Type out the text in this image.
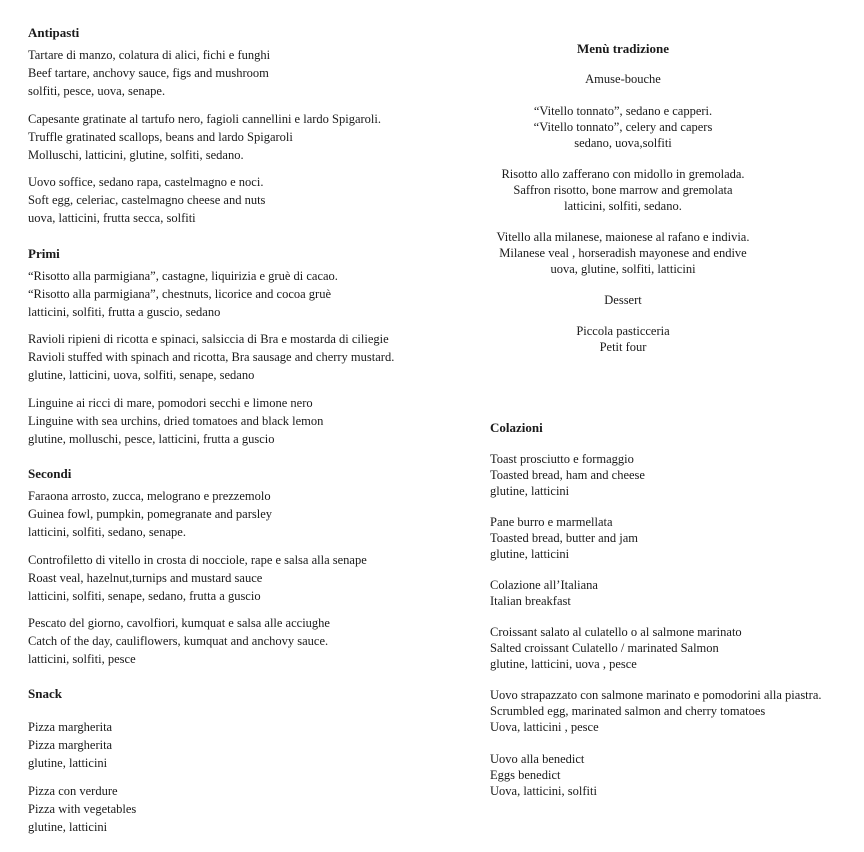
Antipasti
Tartare di manzo, colatura di alici, fichi e funghi
Beef tartare, anchovy sauce, figs and mushroom
solfiti, pesce, uova, senape.
Capesante gratinate al tartufo nero, fagioli cannellini e lardo Spigaroli.
Truffle gratinated scallops, beans and lardo Spigaroli
Molluschi, latticini, glutine, solfiti, sedano.
Uovo soffice, sedano rapa, castelmagno e noci.
Soft egg, celeriac, castelmagno cheese and nuts
uova, latticini, frutta secca, solfiti
Primi
“Risotto alla parmigiana”, castagne, liquirizia e gruè di cacao.
“Risotto alla parmigiana”, chestnuts, licorice and cocoa gruè
latticini, solfiti, frutta a guscio, sedano
Ravioli ripieni di ricotta e spinaci, salsiccia di Bra e mostarda di ciliegie
Ravioli stuffed with spinach and ricotta, Bra sausage and cherry mustard.
glutine, latticini, uova, solfiti, senape, sedano
Linguine ai ricci di mare, pomodori secchi e limone nero
Linguine with sea urchins, dried tomatoes and black lemon
glutine, molluschi, pesce, latticini, frutta a guscio
Secondi
Faraona arrosto, zucca, melograno e prezzemolo
Guinea fowl, pumpkin, pomegranate and parsley
latticini, solfiti, sedano, senape.
Controfiletto di vitello in crosta di nocciole, rape e salsa alla senape
Roast veal, hazelnut,turnips and mustard sauce
latticini, solfiti, senape, sedano, frutta a guscio
Pescato del giorno, cavolfiori, kumquat e salsa alle acciughe
Catch of the day, cauliflowers, kumquat and anchovy sauce.
latticini, solfiti, pesce
Snack
Pizza margherita
Pizza margherita
glutine, latticini
Pizza con verdure
Pizza with vegetables
glutine, latticini
Menù tradizione
Amuse-bouche
“Vitello tonnato”, sedano e capperi.
“Vitello tonnato”, celery and capers
sedano, uova,solfiti
Risotto allo zafferano con midollo in gremolada.
Saffron risotto, bone marrow and gremolata
latticini, solfiti, sedano.
Vitello alla milanese, maionese al rafano e indivia.
Milanese veal , horseradish mayonese and endive
uova, glutine, solfiti, latticini
Dessert
Piccola pasticceria
Petit four
Colazioni
Toast prosciutto e formaggio
Toasted bread, ham and cheese
glutine, latticini
Pane burro e marmellata
Toasted bread, butter and jam
glutine, latticini
Colazione all’Italiana
Italian breakfast
Croissant salato al culatello o al salmone marinato
Salted croissant Culatello / marinated Salmon
glutine, latticini, uova , pesce
Uovo strapazzato con salmone marinato e pomodorini alla piastra.
Scrumbled egg, marinated salmon and cherry tomatoes
Uova, latticini , pesce
Uovo alla benedict
Eggs benedict
Uova, latticini, solfiti
